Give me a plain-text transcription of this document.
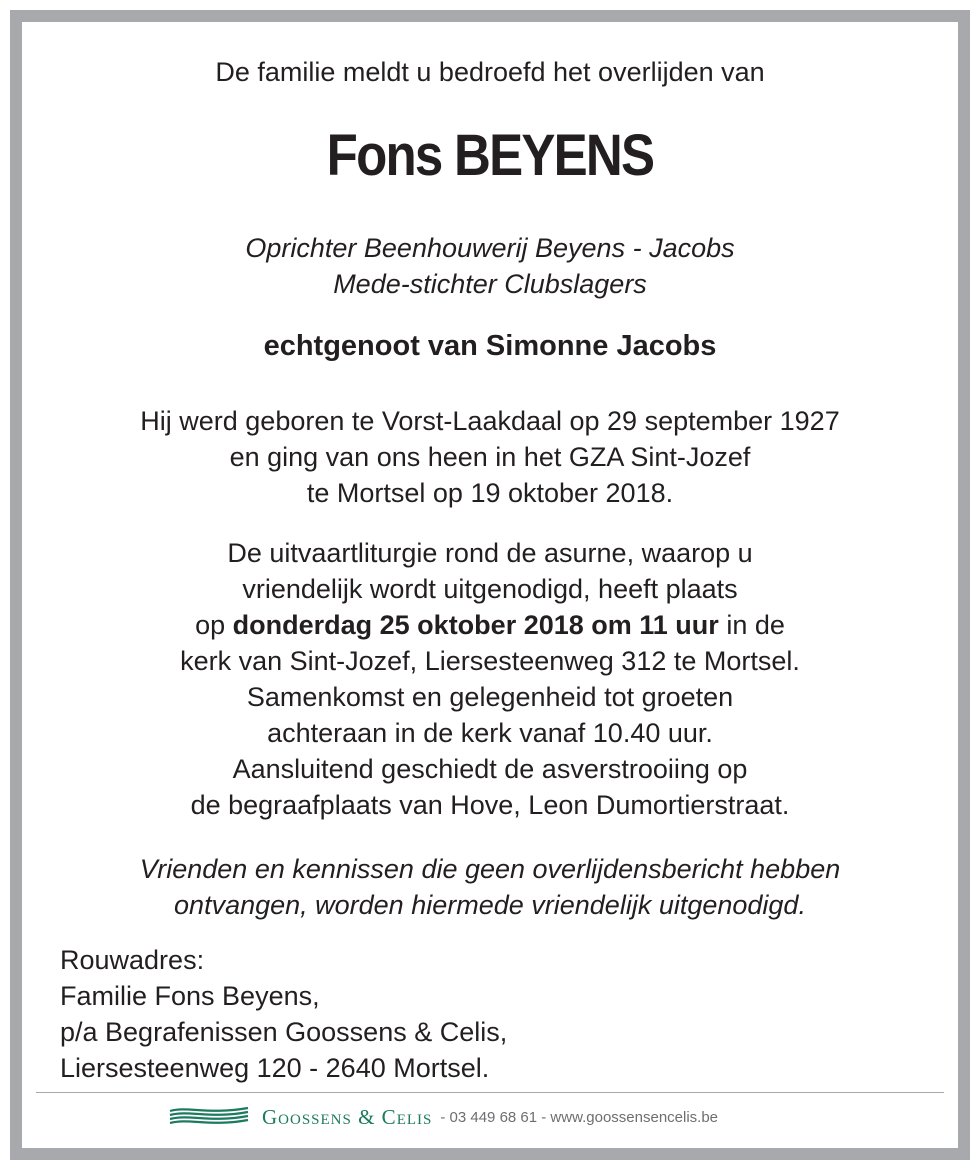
De familie meldt u bedroefd het overlijden van

Fons BEYENS

Oprichter Beenhouwerij Beyens - Jacobs

Mede-stichter Clubslagers

echtgenoot van Simonne Jacobs

Hij werd geboren te Vorst-Laakdaal op 29 september 1927

en ging van ons heen in het GZA Sint-Jozef

te Mortsel op 19 oktober 2018.

De uitvaartliturgie rond de asurne, waarop u

vriendelijk wordt uitgenodigd, heeft plaats

op donderdag 25 oktober 2018 om 11 uur in de

kerk van Sint-Jozef, Liersesteenweg 312 te Mortsel.

Samenkomst en gelegenheid tot groeten

achteraan in de kerk vanaf 10.40 uur.

Aansluitend geschiedt de asverstrooiing op

de begraafplaats van Hove, Leon Dumortierstraat.

Vrienden en kennissen die geen overlijdensbericht hebben

ontvangen, worden hiermede vriendelijk uitgenodigd.

Rouwadres:

Familie Fons Beyens,

p/a Begrafenissen Goossens & Celis,

Liersesteenweg 120 - 2640 Mortsel.

Goossens & Celis - 03 449 68 61 - www.goossensencelis.be
